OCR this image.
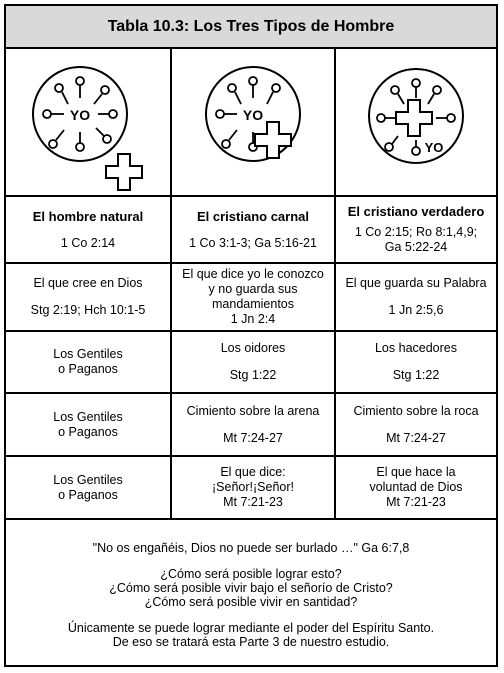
Tabla 10.3: Los Tres Tipos de Hombre
YO	YO
YO
El hombre natural
1 Co 2:14
El cristiano carnal
1 Co 3:1-3; Ga 5:16-21
El cristiano verdadero
1 Co 2:15; Ro 8:1,4,9;
Ga 5:22-24
El que cree en Dios
Stg 2:19; Hch 10:1-5
El que dice yo le conozco
y no guarda sus
mandamientos
1 Jn 2:4
El que guarda su Palabra
1 Jn 2:5,6
Los Gentiles
o Paganos
Los oidores
Stg 1:22
Los hacedores
Stg 1:22
Los Gentiles
o Paganos
Cimiento sobre la arena
Mt 7:24-27
Cimiento sobre la roca
Mt 7:24-27
Los Gentiles
o Paganos
El que dice:
¡Señor!¡Señor!
Mt 7:21-23
El que hace la
voluntad de Dios
Mt 7:21-23

"No os engañéis, Dios no puede ser burlado …" Ga 6:7,8

¿Cómo será posible lograr esto?

¿Cómo será posible vivir bajo el señorío de Cristo?

¿Cómo será posible vivir en santidad?

Únicamente se puede lograr mediante el poder del Espíritu Santo.

De eso se tratará esta Parte 3 de nuestro estudio.
